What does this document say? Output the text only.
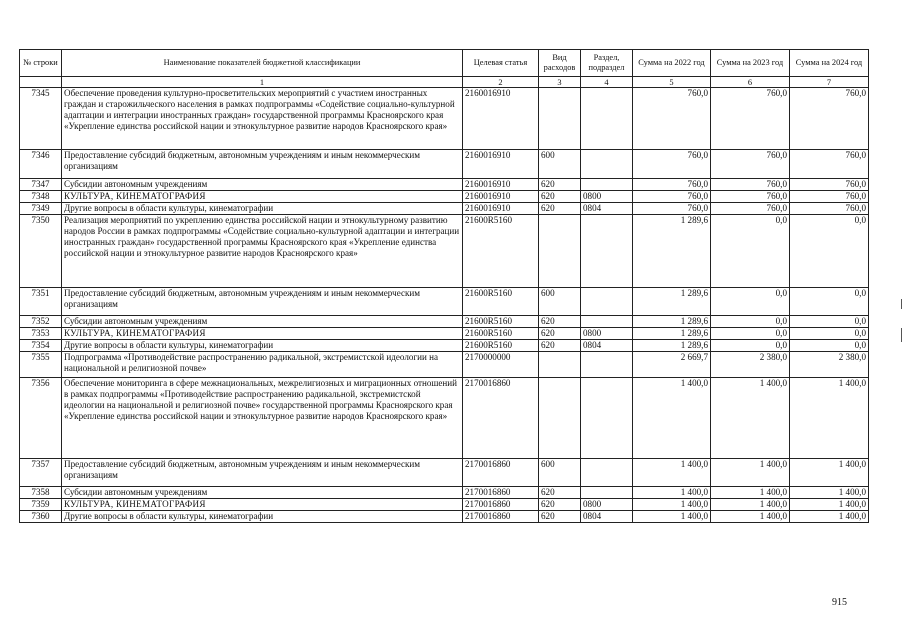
№ строки	Наименование показателей бюджетной классификации	Целевая статья	Вид расходов	Раздел, подраздел	Сумма на 2022 год	Сумма на 2023 год	Сумма на 2024 год
	1	2	3	4	5	6	7
7345	Обеспечение проведения культурно-просветительских мероприятий с участием иностранных граждан и старожильческого населения в рамках подпрограммы «Содействие социально-культурной адаптации и интеграции иностранных граждан» государственной программы Красноярского края «Укрепление единства российской нации и этнокультурное развитие народов Красноярского края»	2160016910			760,0	760,0	760,0
7346	Предоставление субсидий бюджетным, автономным учреждениям и иным некоммерческим организациям	2160016910	600		760,0	760,0	760,0
7347	Субсидии автономным учреждениям	2160016910	620		760,0	760,0	760,0
7348	КУЛЬТУРА, КИНЕМАТОГРАФИЯ	2160016910	620	0800	760,0	760,0	760,0
7349	Другие вопросы в области культуры, кинематографии	2160016910	620	0804	760,0	760,0	760,0
7350	Реализация мероприятий по укреплению единства российской нации и этнокультурному развитию народов России в рамках подпрограммы «Содействие социально-культурной адаптации и интеграции иностранных граждан» государственной программы Красноярского края «Укрепление единства российской нации и этнокультурное развитие народов Красноярского края»	21600R5160			1 289,6	0,0	0,0
7351	Предоставление субсидий бюджетным, автономным учреждениям и иным некоммерческим организациям	21600R5160	600		1 289,6	0,0	0,0
7352	Субсидии автономным учреждениям	21600R5160	620		1 289,6	0,0	0,0
7353	КУЛЬТУРА, КИНЕМАТОГРАФИЯ	21600R5160	620	0800	1 289,6	0,0	0,0
7354	Другие вопросы в области культуры, кинематографии	21600R5160	620	0804	1 289,6	0,0	0,0
7355	Подпрограмма «Противодействие распространению радикальной, экстремистской идеологии на национальной и религиозной почве»	2170000000			2 669,7	2 380,0	2 380,0
7356	Обеспечение мониторинга в сфере межнациональных, межрелигиозных и миграционных отношений в рамках подпрограммы «Противодействие распространению радикальной, экстремистской идеологии на национальной и религиозной почве» государственной программы Красноярского края «Укрепление единства российской нации и этнокультурное развитие народов Красноярского края»	2170016860			1 400,0	1 400,0	1 400,0
7357	Предоставление субсидий бюджетным, автономным учреждениям и иным некоммерческим организациям	2170016860	600		1 400,0	1 400,0	1 400,0
7358	Субсидии автономным учреждениям	2170016860	620		1 400,0	1 400,0	1 400,0
7359	КУЛЬТУРА, КИНЕМАТОГРАФИЯ	2170016860	620	0800	1 400,0	1 400,0	1 400,0
7360	Другие вопросы в области культуры, кинематографии	2170016860	620	0804	1 400,0	1 400,0	1 400,0
915
